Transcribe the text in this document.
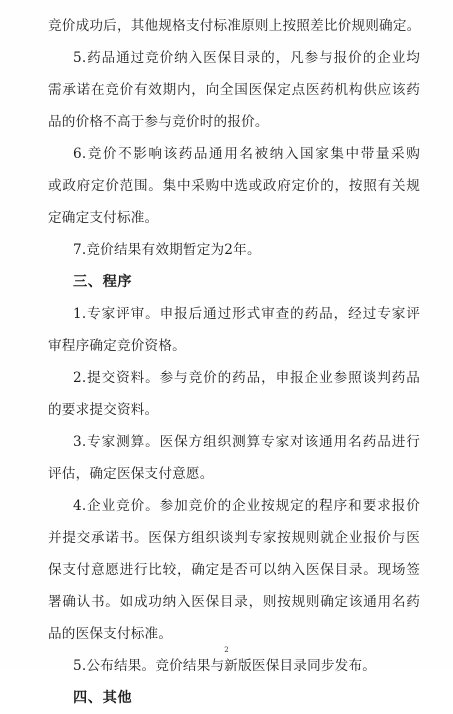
竞价成功后，其他规格支付标准原则上按照差比价规则确定。
5.药品通过竞价纳入医保目录的，凡参与报价的企业均
需承诺在竞价有效期内，向全国医保定点医药机构供应该药
品的价格不高于参与竞价时的报价。
6.竞价不影响该药品通用名被纳入国家集中带量采购
或政府定价范围。集中采购中选或政府定价的，按照有关规
定确定支付标准。
7.竞价结果有效期暂定为2年。
三、程序
1.专家评审。申报后通过形式审查的药品，经过专家评
审程序确定竞价资格。
2.提交资料。参与竞价的药品，申报企业参照谈判药品
的要求提交资料。
3.专家测算。医保方组织测算专家对该通用名药品进行
评估，确定医保支付意愿。
4.企业竞价。参加竞价的企业按规定的程序和要求报价
并提交承诺书。医保方组织谈判专家按规则就企业报价与医
保支付意愿进行比较，确定是否可以纳入医保目录。现场签
署确认书。如成功纳入医保目录，则按规则确定该通用名药
品的医保支付标准。
5.公布结果。竞价结果与新版医保目录同步发布。
四、其他
2
